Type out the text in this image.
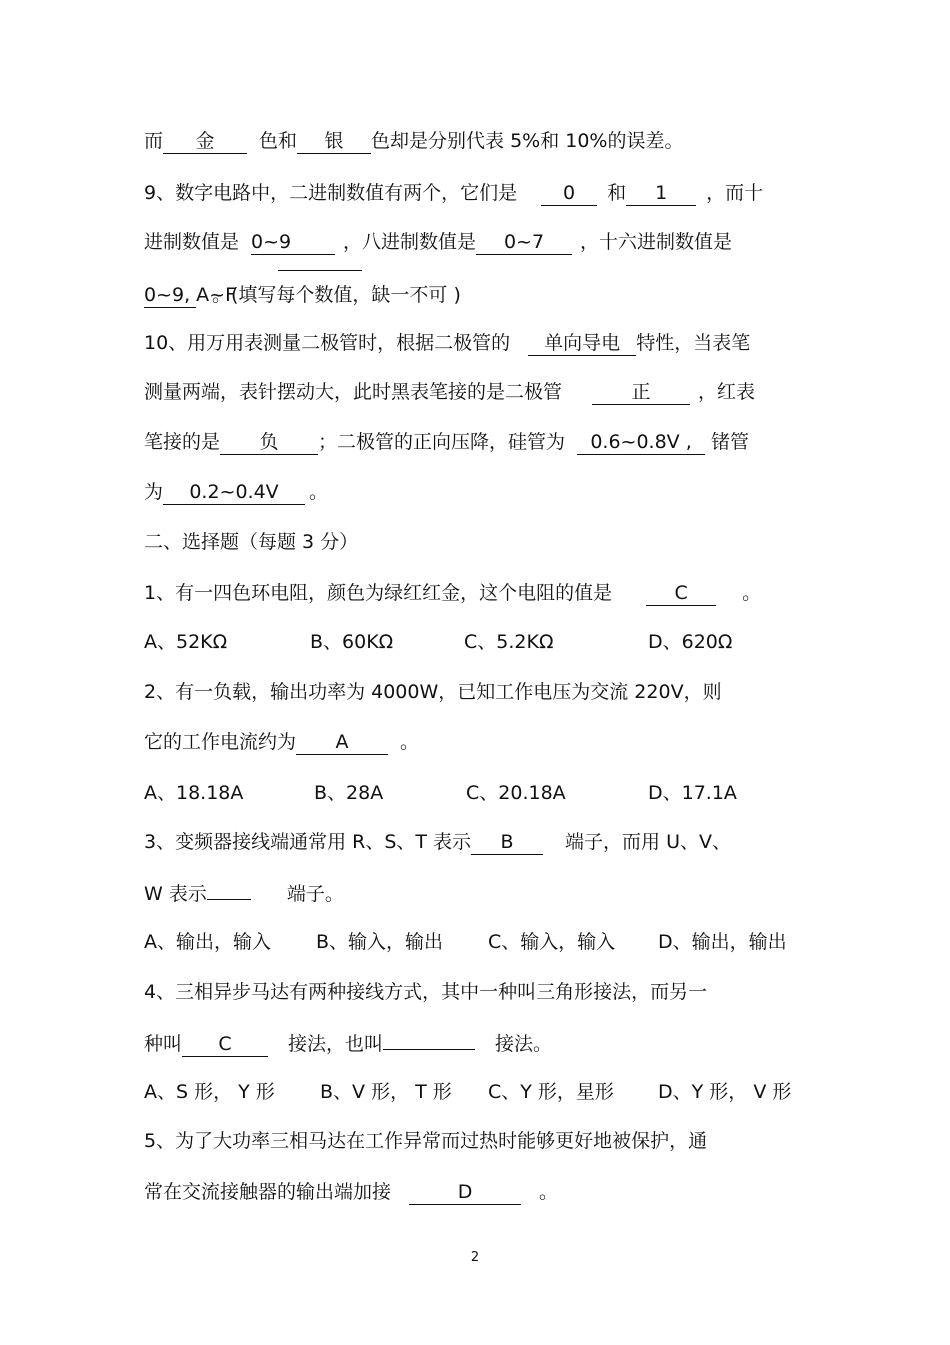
而 金 色和 银 色却是分别代表 5%和 10%的误差。
9、数字电路中，二进制数值有两个，它们是 0 和 1 ，而十
进制数值是 0~9	，八进制数值是 0~7 ，十六进制数值是
0~9, A~F。(填写每个数值，缺一不可 )
10、用万用表测量二极管时，根据二极管的 单向导电 特性，当表笔
测量两端，表针摆动大，此时黑表笔接的是二极管	正	，红表
笔接的是 负 ；二极管的正向压降，硅管为 0.6~0.8V , 锗管
为 0.2~0.4V 。
二、选择题（每题 3 分）
1、有一四色环电阻，颜色为绿红红金，这个电阻的值是	C	。
A、52KΩ	B、60KΩ	C、5.2KΩ	D、620Ω
2、有一负载，输出功率为 4000W，已知工作电压为交流 220V，则
它的工作电流约为 A	。
A、18.18A	B、28A	C、20.18A	D、17.1A
3、变频器接线端通常用 R、S、T 表示 B	端子，而用 U、V、
W 表示	端子。
A、输出，输入 B、输入，输出 C、输入，输入 D、输出，输出
4、三相异步马达有两种接线方式，其中一种叫三角形接法，而另一
种叫 C	接法，也叫	接法。
A、S 形， Y 形 B、V 形， T 形 C、Y 形，星形 D、Y 形， V 形
5、为了大功率三相马达在工作异常而过热时能够更好地被保护，通
常在交流接触器的输出端加接	D	。
2
